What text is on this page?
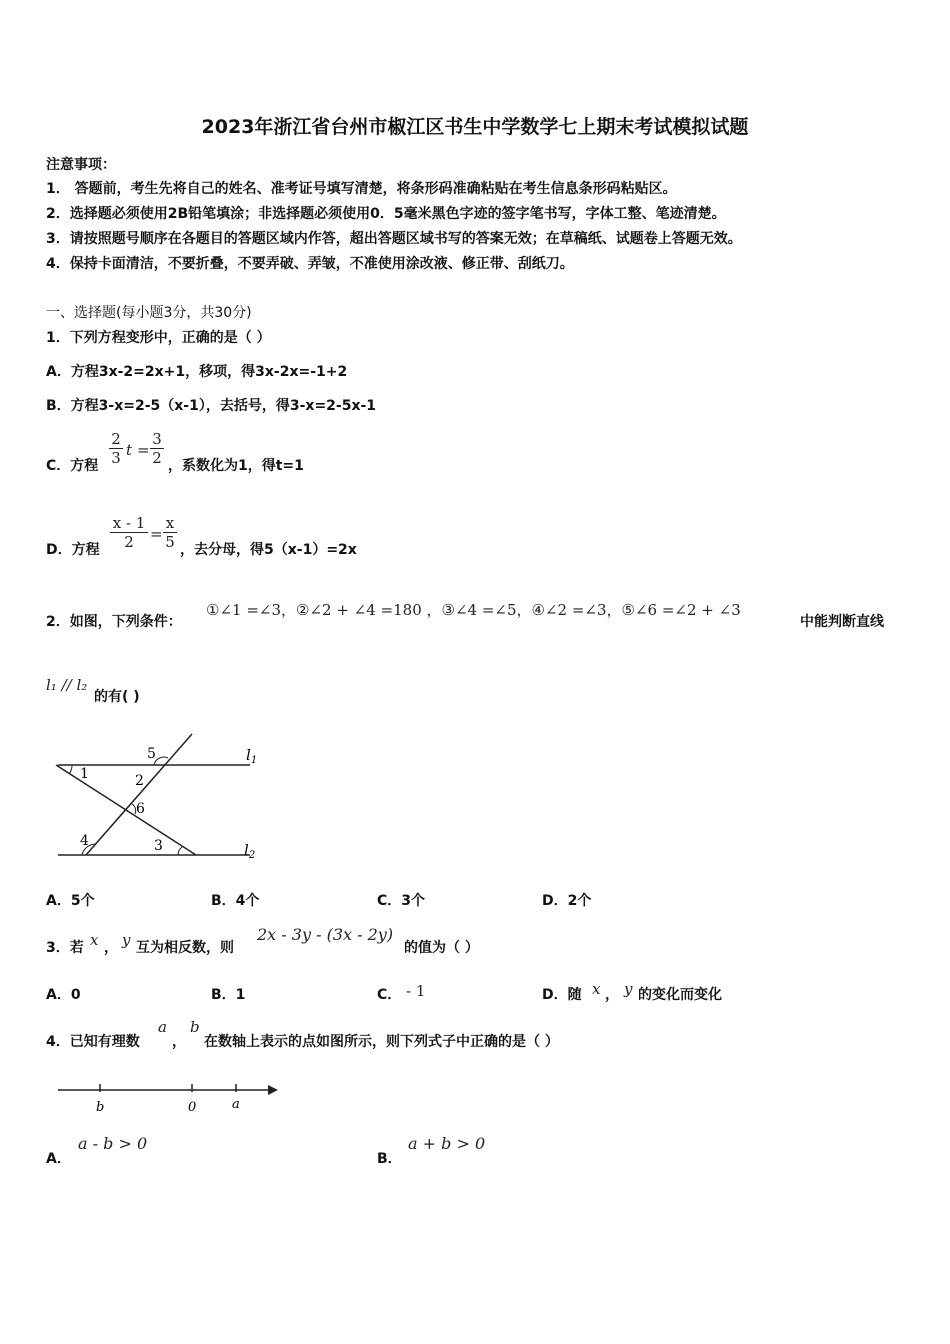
2023年浙江省台州市椒江区书生中学数学七上期末考试模拟试题
注意事项：
1． 答题前，考生先将自己的姓名、准考证号填写清楚，将条形码准确粘贴在考生信息条形码粘贴区。
2．选择题必须使用2B铅笔填涂；非选择题必须使用0．5毫米黑色字迹的签字笔书写，字体工整、笔迹清楚。
3．请按照题号顺序在各题目的答题区域内作答，超出答题区域书写的答案无效；在草稿纸、试题卷上答题无效。
4．保持卡面清洁，不要折叠，不要弄破、弄皱，不准使用涂改液、修正带、刮纸刀。
一、选择题(每小题3分，共30分)
1．下列方程变形中，正确的是（ ）
A．方程3x-2=2x+1，移项，得3x-2x=-1+2
B．方程3-x=2-5（x-1），去括号，得3-x=2-5x-1
C．方程
2
3 t =
3
2 ，系数化为1，得t=1
D．方程
x - 1
2	=
x
5 ，去分母，得5（x-1）=2x
2．如图，下列条件：
①∠1 =∠3，②∠2 + ∠4 =180 ，③∠4 =∠5，④∠2 =∠3，⑤∠6 =∠2 + ∠3
中能判断直线
l₁ // l₂
的有( )
1	2
3
4
5
6
$l_1$
$l_2$
A．5个	B．4个	C．3个	D．2个
3．若 x ， y 互为相反数，则
2x - 3y - (3x - 2y)
的值为（ ）
A．0	B．1	C． - 1	D．随 x ， y 的变化而变化
4．已知有理数
a
，
b
在数轴上表示的点如图所示，则下列式子中正确的是（ ）
b	0	a
A．
a - b > 0
B．
a + b > 0
